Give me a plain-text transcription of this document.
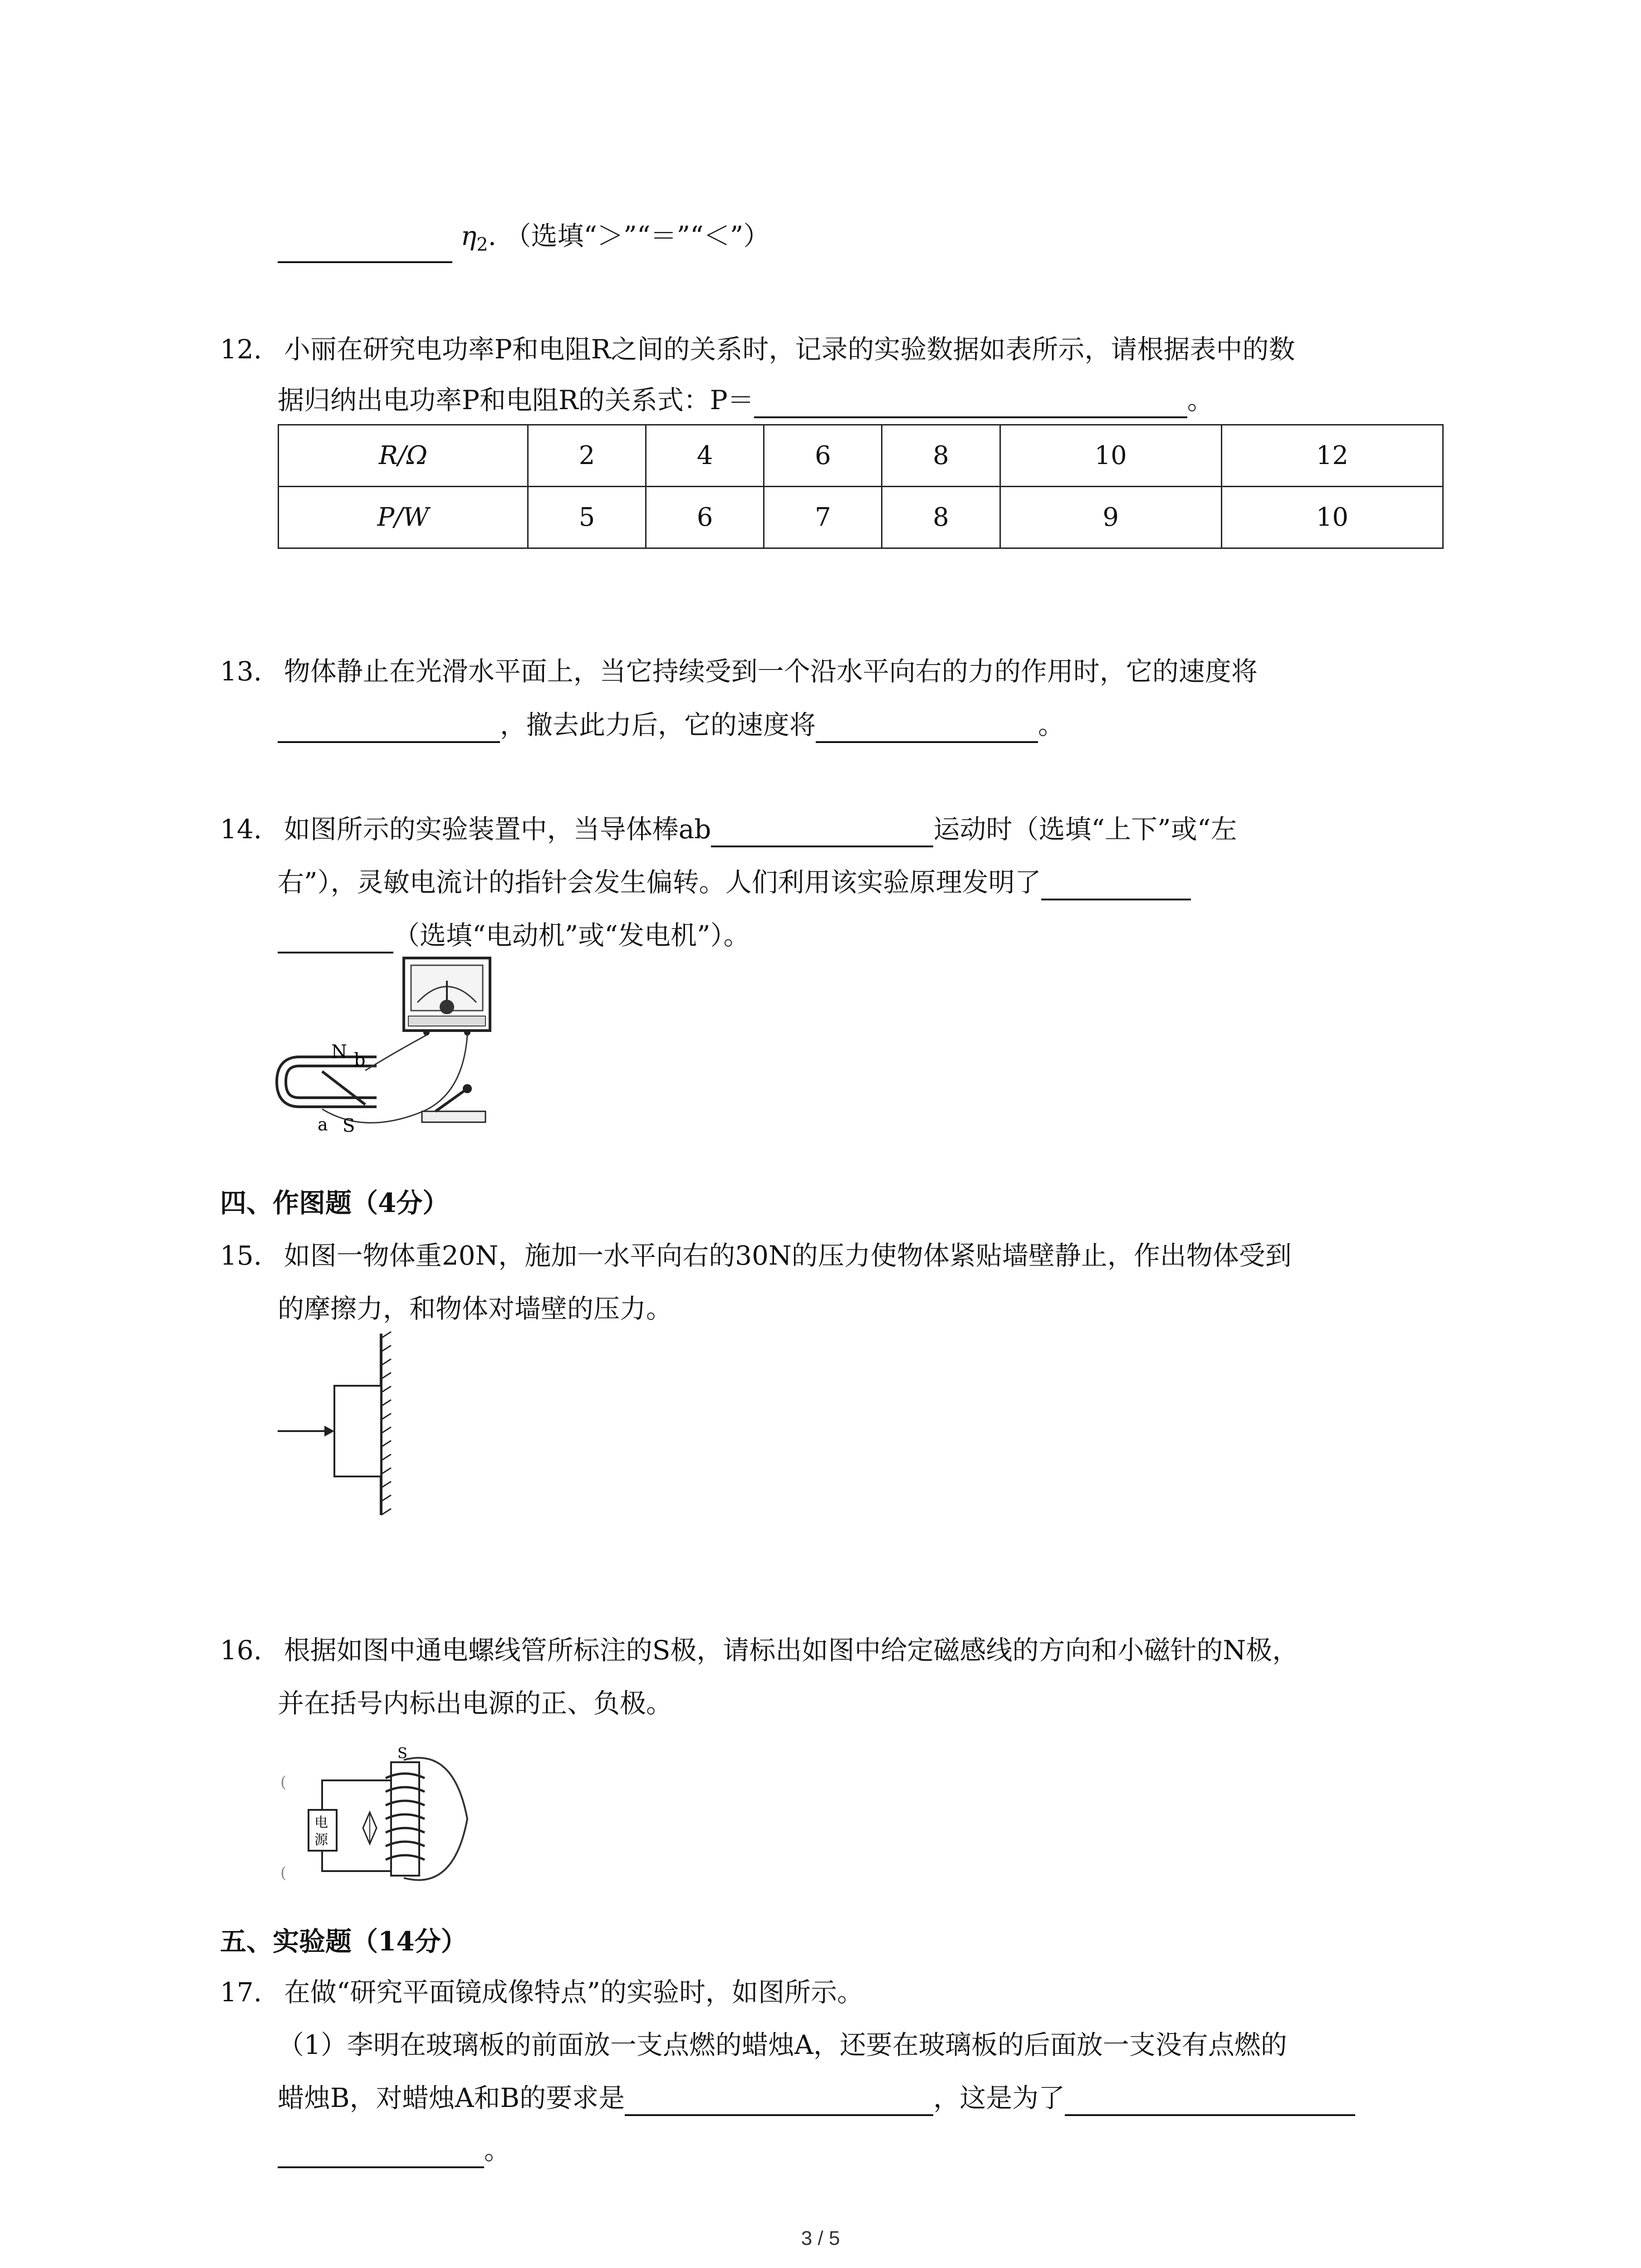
$\eta_2$. （选填“＞”“＝”“＜”）
12. 小丽在研究电功率P和电阻R之间的关系时，记录的实验数据如表所示，请根据表中的数
据归纳出电功率P和电阻R的关系式：P＝	。
R/Ω	2	4	6	8	10	12
P/W	5	6	7	8	9	10
13. 物体静止在光滑水平面上，当它持续受到一个沿水平向右的力的作用时，它的速度将
，撤去此力后，它的速度将	。
14. 如图所示的实验装置中，当导体棒ab	运动时（选填“上下”或“左
右”），灵敏电流计的指针会发生偏转。人们利用该实验原理发明了
（选填“电动机”或“发电机”）。
N b
a S
四、作图题（4分）
15. 如图一物体重20N，施加一水平向右的30N的压力使物体紧贴墙壁静止，作出物体受到
的摩擦力，和物体对墙壁的压力。
16. 根据如图中通电螺线管所标注的S极，请标出如图中给定磁感线的方向和小磁针的N极，
并在括号内标出电源的正、负极。
电
源
(
(
S
五、实验题（14分）
17. 在做“研究平面镜成像特点”的实验时，如图所示。
（1）李明在玻璃板的前面放一支点燃的蜡烛A，还要在玻璃板的后面放一支没有点燃的
蜡烛B，对蜡烛A和B的要求是	，这是为了
。
3 / 5
